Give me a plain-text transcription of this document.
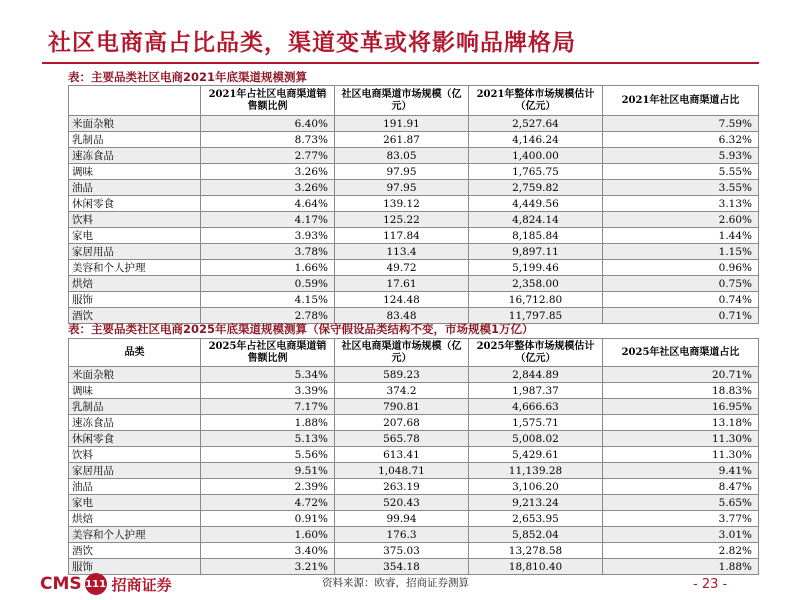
社区电商高占比品类，渠道变革或将影响品牌格局
表：主要品类社区电商2021年底渠道规模测算
	2021年占社区电商渠道销售额比例	社区电商渠道市场规模（亿元）	2021年整体市场规模估计（亿元）	2021年社区电商渠道占比
米面杂粮	6.40%	191.91	2,527.64	7.59%
乳制品	8.73%	261.87	4,146.24	6.32%
速冻食品	2.77%	83.05	1,400.00	5.93%
调味	3.26%	97.95	1,765.75	5.55%
油品	3.26%	97.95	2,759.82	3.55%
休闲零食	4.64%	139.12	4,449.56	3.13%
饮料	4.17%	125.22	4,824.14	2.60%
家电	3.93%	117.84	8,185.84	1.44%
家居用品	3.78%	113.4	9,897.11	1.15%
美容和个人护理	1.66%	49.72	5,199.46	0.96%
烘焙	0.59%	17.61	2,358.00	0.75%
服饰	4.15%	124.48	16,712.80	0.74%
酒饮	2.78%	83.48	11,797.85	0.71%
表：主要品类社区电商2025年底渠道规模测算（保守假设品类结构不变，市场规模1万亿）
品类	2025年占社区电商渠道销售额比例	社区电商渠道市场规模（亿元）	2025年整体市场规模估计（亿元）	2025年社区电商渠道占比
米面杂粮	5.34%	589.23	2,844.89	20.71%
调味	3.39%	374.2	1,987.37	18.83%
乳制品	7.17%	790.81	4,666.63	16.95%
速冻食品	1.88%	207.68	1,575.71	13.18%
休闲零食	5.13%	565.78	5,008.02	11.30%
饮料	5.56%	613.41	5,429.61	11.30%
家居用品	9.51%	1,048.71	11,139.28	9.41%
油品	2.39%	263.19	3,106.20	8.47%
家电	4.72%	520.43	9,213.24	5.65%
烘焙	0.91%	99.94	2,653.95	3.77%
美容和个人护理	1.60%	176.3	5,852.04	3.01%
酒饮	3.40%	375.03	13,278.58	2.82%
服饰	3.21%	354.18	18,810.40	1.88%
CMS 111 招商证券	资料来源：欧睿，招商证券测算	- 23 -
